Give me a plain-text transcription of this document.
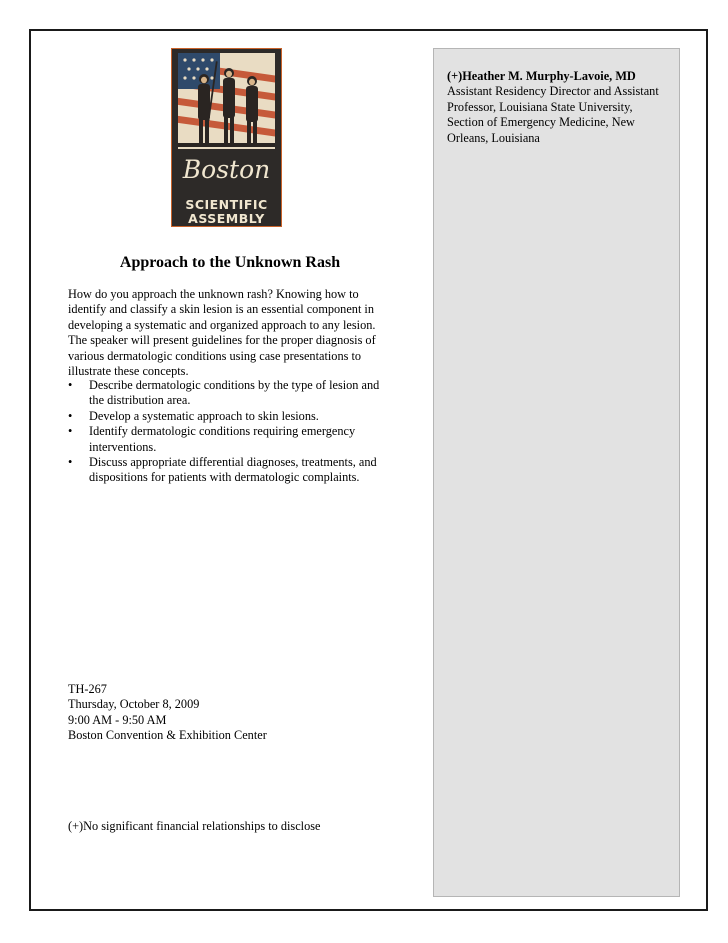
Boston
SCIENTIFIC
ASSEMBLY
Approach to the Unknown Rash

How do you approach the unknown rash? Knowing how to identify and classify a skin lesion is an essential component in developing a systematic and organized approach to any lesion. The speaker will present guidelines for the proper diagnosis of various dermatologic conditions using case presentations to illustrate these concepts.

• Describe dermatologic conditions by the type of lesion and the distribution area.
• Develop a systematic approach to skin lesions.
• Identify dermatologic conditions requiring emergency interventions.
• Discuss appropriate differential diagnoses, treatments, and dispositions for patients with dermatologic complaints.
TH-267
Thursday, October 8, 2009
9:00 AM - 9:50 AM
Boston Convention & Exhibition Center

(+)No significant financial relationships to disclose

(+)Heather M. Murphy-Lavoie, MD

Assistant Residency Director and Assistant Professor, Louisiana State University, Section of Emergency Medicine, New Orleans, Louisiana
